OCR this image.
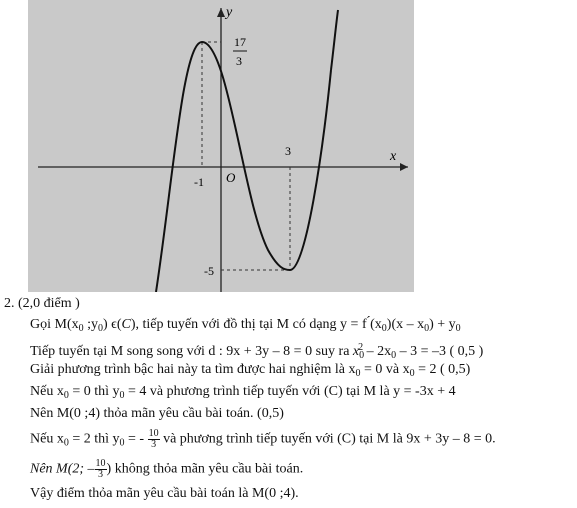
y
x
17
3
-1 O
3
-5
2. (2,0 điểm )
Gọi $M(x_0$ $;y_0$) ϵ(C), tiếp tuyến với đồ thị tại M có dạng y = f $́(x_0)(x - x_0) + y_0$
Tiếp tuyến tại M song song với d : 9x + 3y – 8 = 0 suy ra $x_0^2 - 2x_0 - 3 = -3$ ( 0,5 )
Giải phương trình bậc hai này ta tìm được hai nghiệm là $x_0 = 0$ và $x_0 = 2$ ( 0,5)
Nếu $x_0 = 0$ thì $y_0 = 4$ và phương trình tiếp tuyến với (C) tại M là y = -3x + 4
Nên M(0 ;4) thỏa mãn yêu cầu bài toán. (0,5)
Nếu $x_0 = 2$ thì $y_0$ = - $\frac{10}{3}$ và phương trình tiếp tuyến với (C) tại M là 9x + 3y – 8 = 0.
Nên M(2; – $\frac{10}{3}$ ) không thỏa mãn yêu cầu bài toán.
Vậy điểm thỏa mãn yêu cầu bài toán là M(0 ;4).
